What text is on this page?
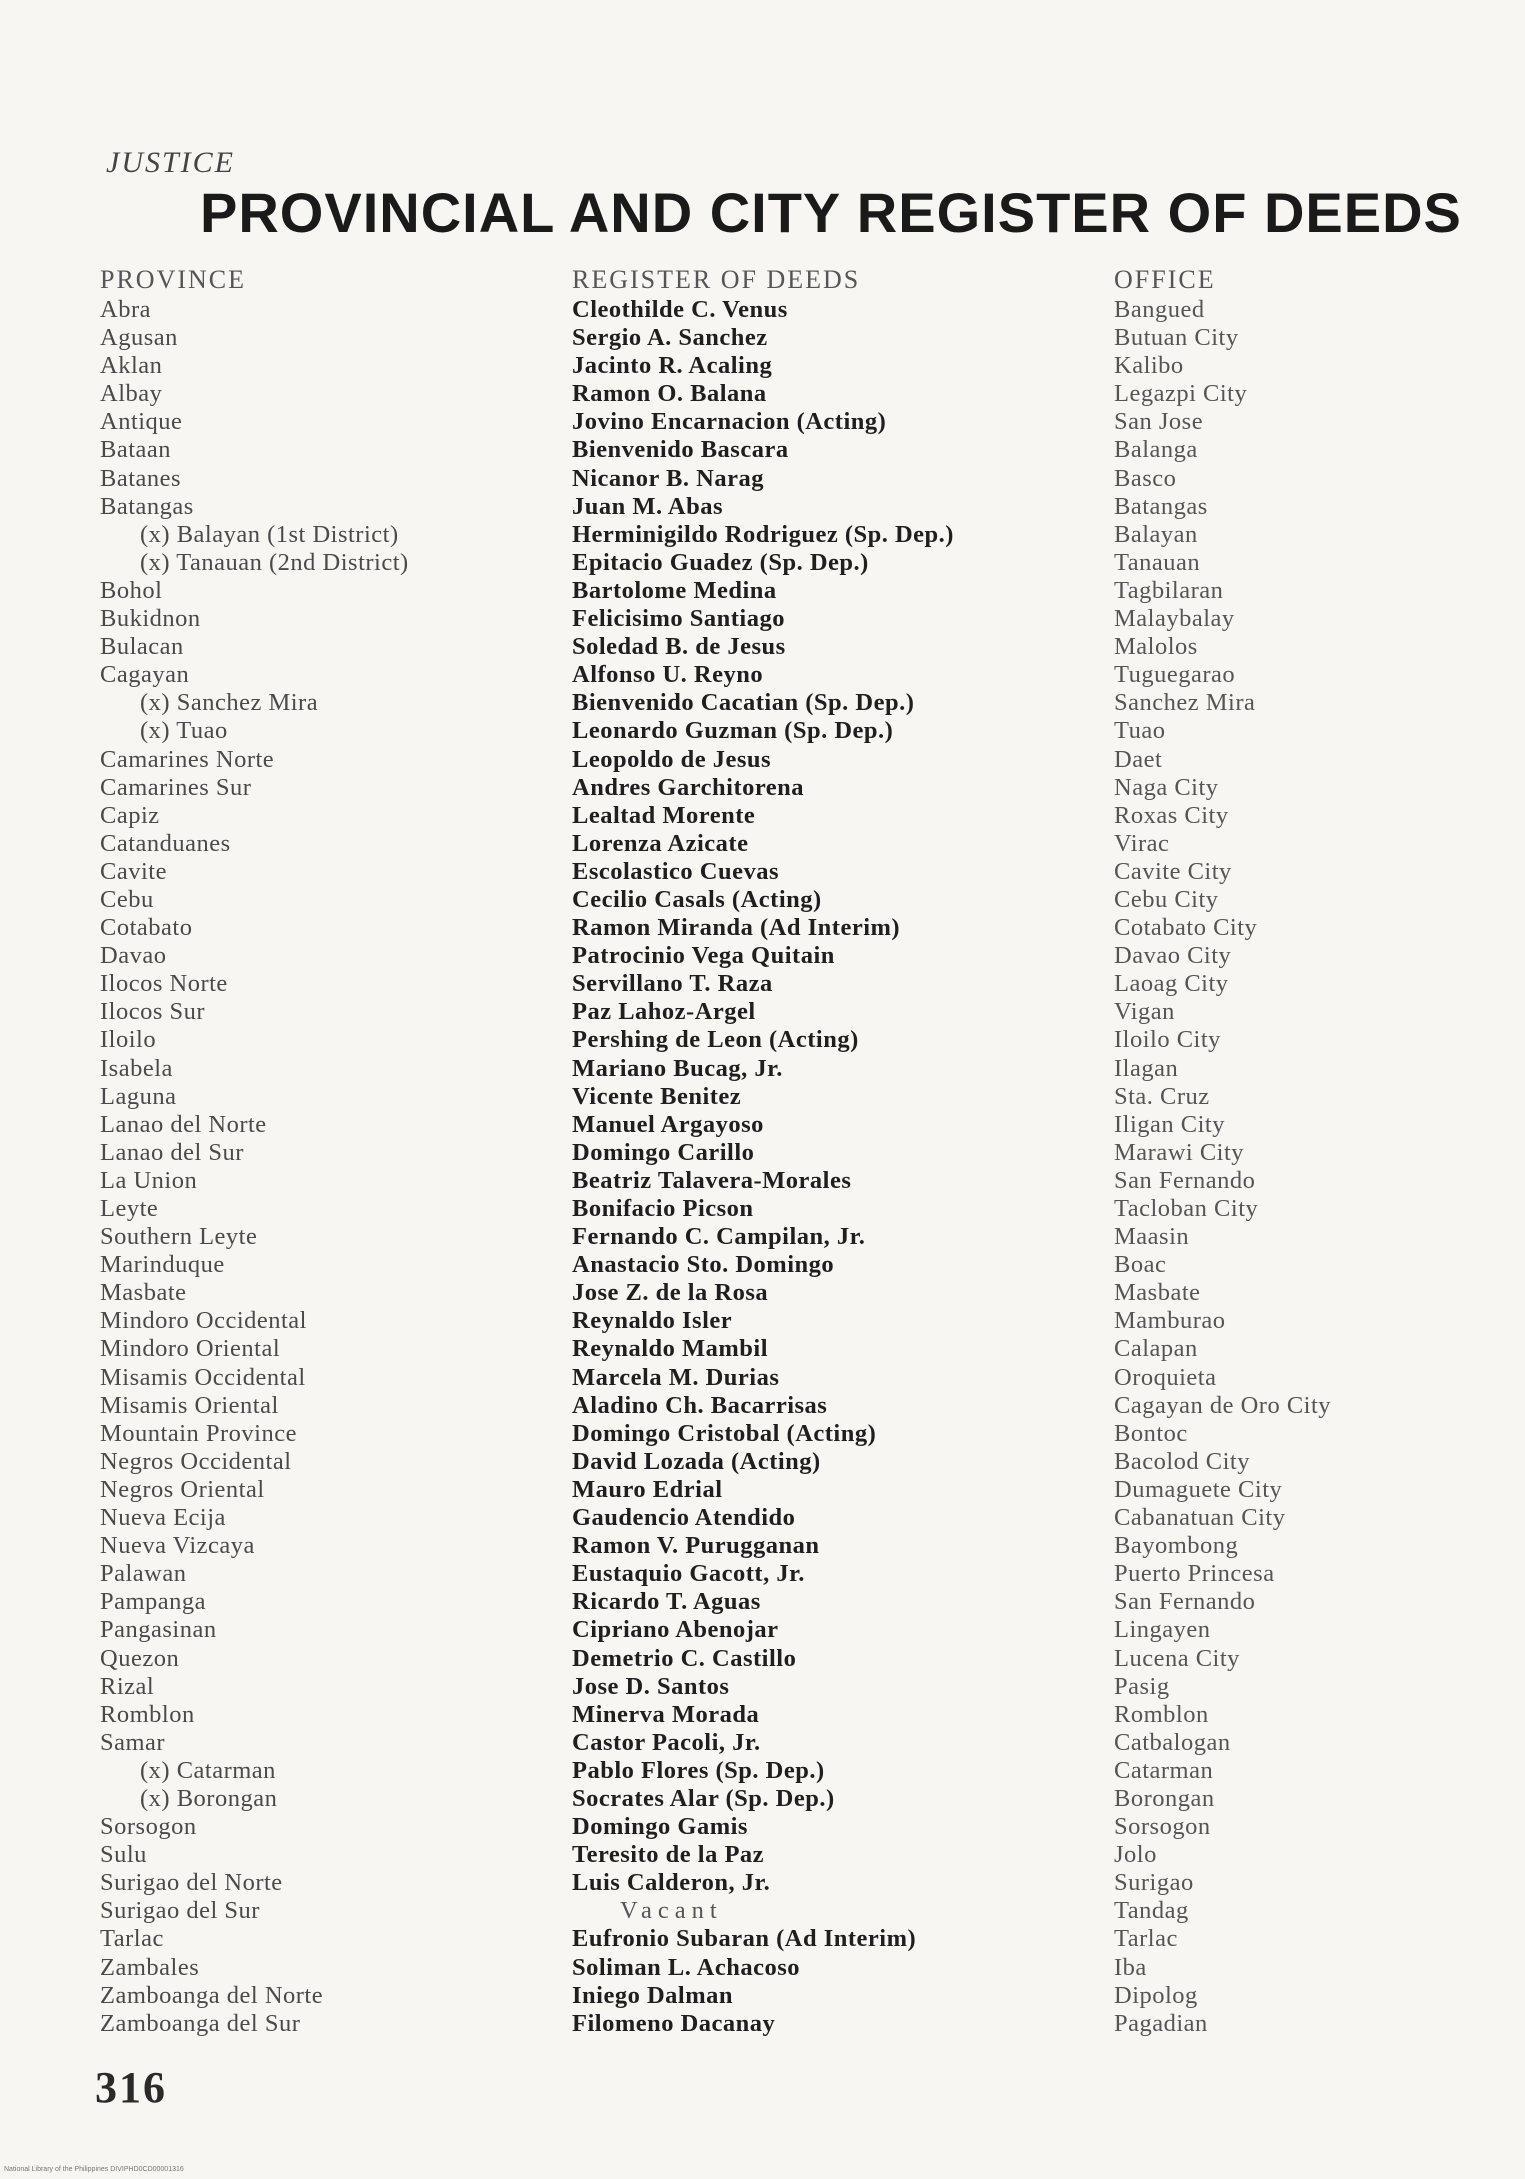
JUSTICE
PROVINCIAL AND CITY REGISTER OF DEEDS
PROVINCE
Abra
Agusan
Aklan
Albay
Antique
Bataan
Batanes
Batangas
(x) Balayan (1st District)
(x) Tanauan (2nd District)
Bohol
Bukidnon
Bulacan
Cagayan
(x) Sanchez Mira
(x) Tuao
Camarines Norte
Camarines Sur
Capiz
Catanduanes
Cavite
Cebu
Cotabato
Davao
Ilocos Norte
Ilocos Sur
Iloilo
Isabela
Laguna
Lanao del Norte
Lanao del Sur
La Union
Leyte
Southern Leyte
Marinduque
Masbate
Mindoro Occidental
Mindoro Oriental
Misamis Occidental
Misamis Oriental
Mountain Province
Negros Occidental
Negros Oriental
Nueva Ecija
Nueva Vizcaya
Palawan
Pampanga
Pangasinan
Quezon
Rizal
Romblon
Samar
(x) Catarman
(x) Borongan
Sorsogon
Sulu
Surigao del Norte
Surigao del Sur
Tarlac
Zambales
Zamboanga del Norte
Zamboanga del Sur
REGISTER OF DEEDS
Cleothilde C. Venus
Sergio A. Sanchez
Jacinto R. Acaling
Ramon O. Balana
Jovino Encarnacion (Acting)
Bienvenido Bascara
Nicanor B. Narag
Juan M. Abas
Herminigildo Rodriguez (Sp. Dep.)
Epitacio Guadez (Sp. Dep.)
Bartolome Medina
Felicisimo Santiago
Soledad B. de Jesus
Alfonso U. Reyno
Bienvenido Cacatian (Sp. Dep.)
Leonardo Guzman (Sp. Dep.)
Leopoldo de Jesus
Andres Garchitorena
Lealtad Morente
Lorenza Azicate
Escolastico Cuevas
Cecilio Casals (Acting)
Ramon Miranda (Ad Interim)
Patrocinio Vega Quitain
Servillano T. Raza
Paz Lahoz-Argel
Pershing de Leon (Acting)
Mariano Bucag, Jr.
Vicente Benitez
Manuel Argayoso
Domingo Carillo
Beatriz Talavera-Morales
Bonifacio Picson
Fernando C. Campilan, Jr.
Anastacio Sto. Domingo
Jose Z. de la Rosa
Reynaldo Isler
Reynaldo Mambil
Marcela M. Durias
Aladino Ch. Bacarrisas
Domingo Cristobal (Acting)
David Lozada (Acting)
Mauro Edrial
Gaudencio Atendido
Ramon V. Purugganan
Eustaquio Gacott, Jr.
Ricardo T. Aguas
Cipriano Abenojar
Demetrio C. Castillo
Jose D. Santos
Minerva Morada
Castor Pacoli, Jr.
Pablo Flores (Sp. Dep.)
Socrates Alar (Sp. Dep.)
Domingo Gamis
Teresito de la Paz
Luis Calderon, Jr.
Vacant
Eufronio Subaran (Ad Interim)
Soliman L. Achacoso
Iniego Dalman
Filomeno Dacanay
OFFICE
Bangued
Butuan City
Kalibo
Legazpi City
San Jose
Balanga
Basco
Batangas
Balayan
Tanauan
Tagbilaran
Malaybalay
Malolos
Tuguegarao
Sanchez Mira
Tuao
Daet
Naga City
Roxas City
Virac
Cavite City
Cebu City
Cotabato City
Davao City
Laoag City
Vigan
Iloilo City
Ilagan
Sta. Cruz
Iligan City
Marawi City
San Fernando
Tacloban City
Maasin
Boac
Masbate
Mamburao
Calapan
Oroquieta
Cagayan de Oro City
Bontoc
Bacolod City
Dumaguete City
Cabanatuan City
Bayombong
Puerto Princesa
San Fernando
Lingayen
Lucena City
Pasig
Romblon
Catbalogan
Catarman
Borongan
Sorsogon
Jolo
Surigao
Tandag
Tarlac
Iba
Dipolog
Pagadian
316
National Library of the Philippines DIVIPHD0CD00001316
